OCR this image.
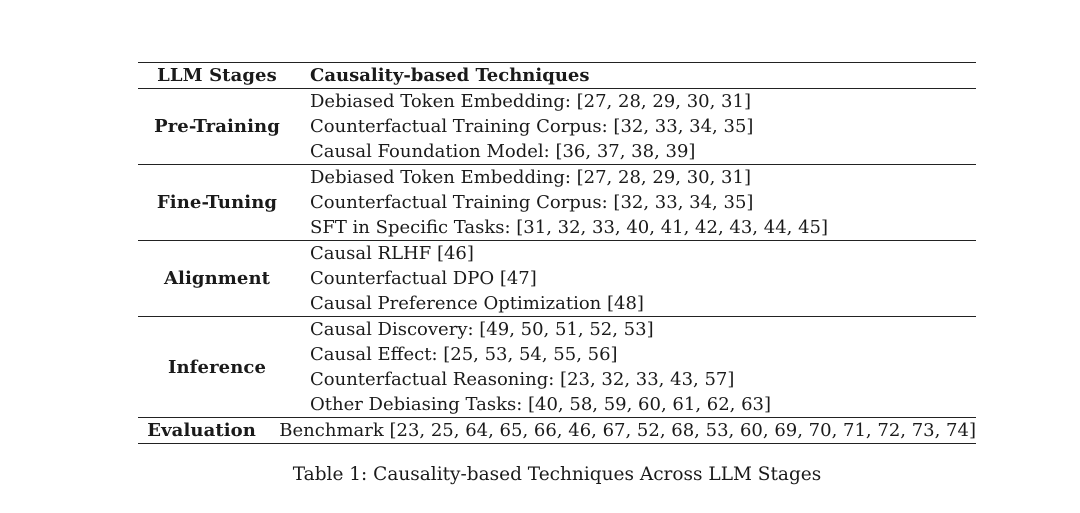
LLM Stages	Causality-based Techniques
Pre-Training
Debiased Token Embedding: [27, 28, 29, 30, 31]
Counterfactual Training Corpus: [32, 33, 34, 35]
Causal Foundation Model: [36, 37, 38, 39]
Fine-Tuning
Debiased Token Embedding: [27, 28, 29, 30, 31]
Counterfactual Training Corpus: [32, 33, 34, 35]
SFT in Specific Tasks: [31, 32, 33, 40, 41, 42, 43, 44, 45]
Alignment
Causal RLHF [46]
Counterfactual DPO [47]
Causal Preference Optimization [48]
Inference
Causal Discovery: [49, 50, 51, 52, 53]
Causal Effect: [25, 53, 54, 55, 56]
Counterfactual Reasoning: [23, 32, 33, 43, 57]
Other Debiasing Tasks: [40, 58, 59, 60, 61, 62, 63]
Evaluation	Benchmark [23, 25, 64, 65, 66, 46, 67, 52, 68, 53, 60, 69, 70, 71, 72, 73, 74]
Table 1: Causality-based Techniques Across LLM Stages
